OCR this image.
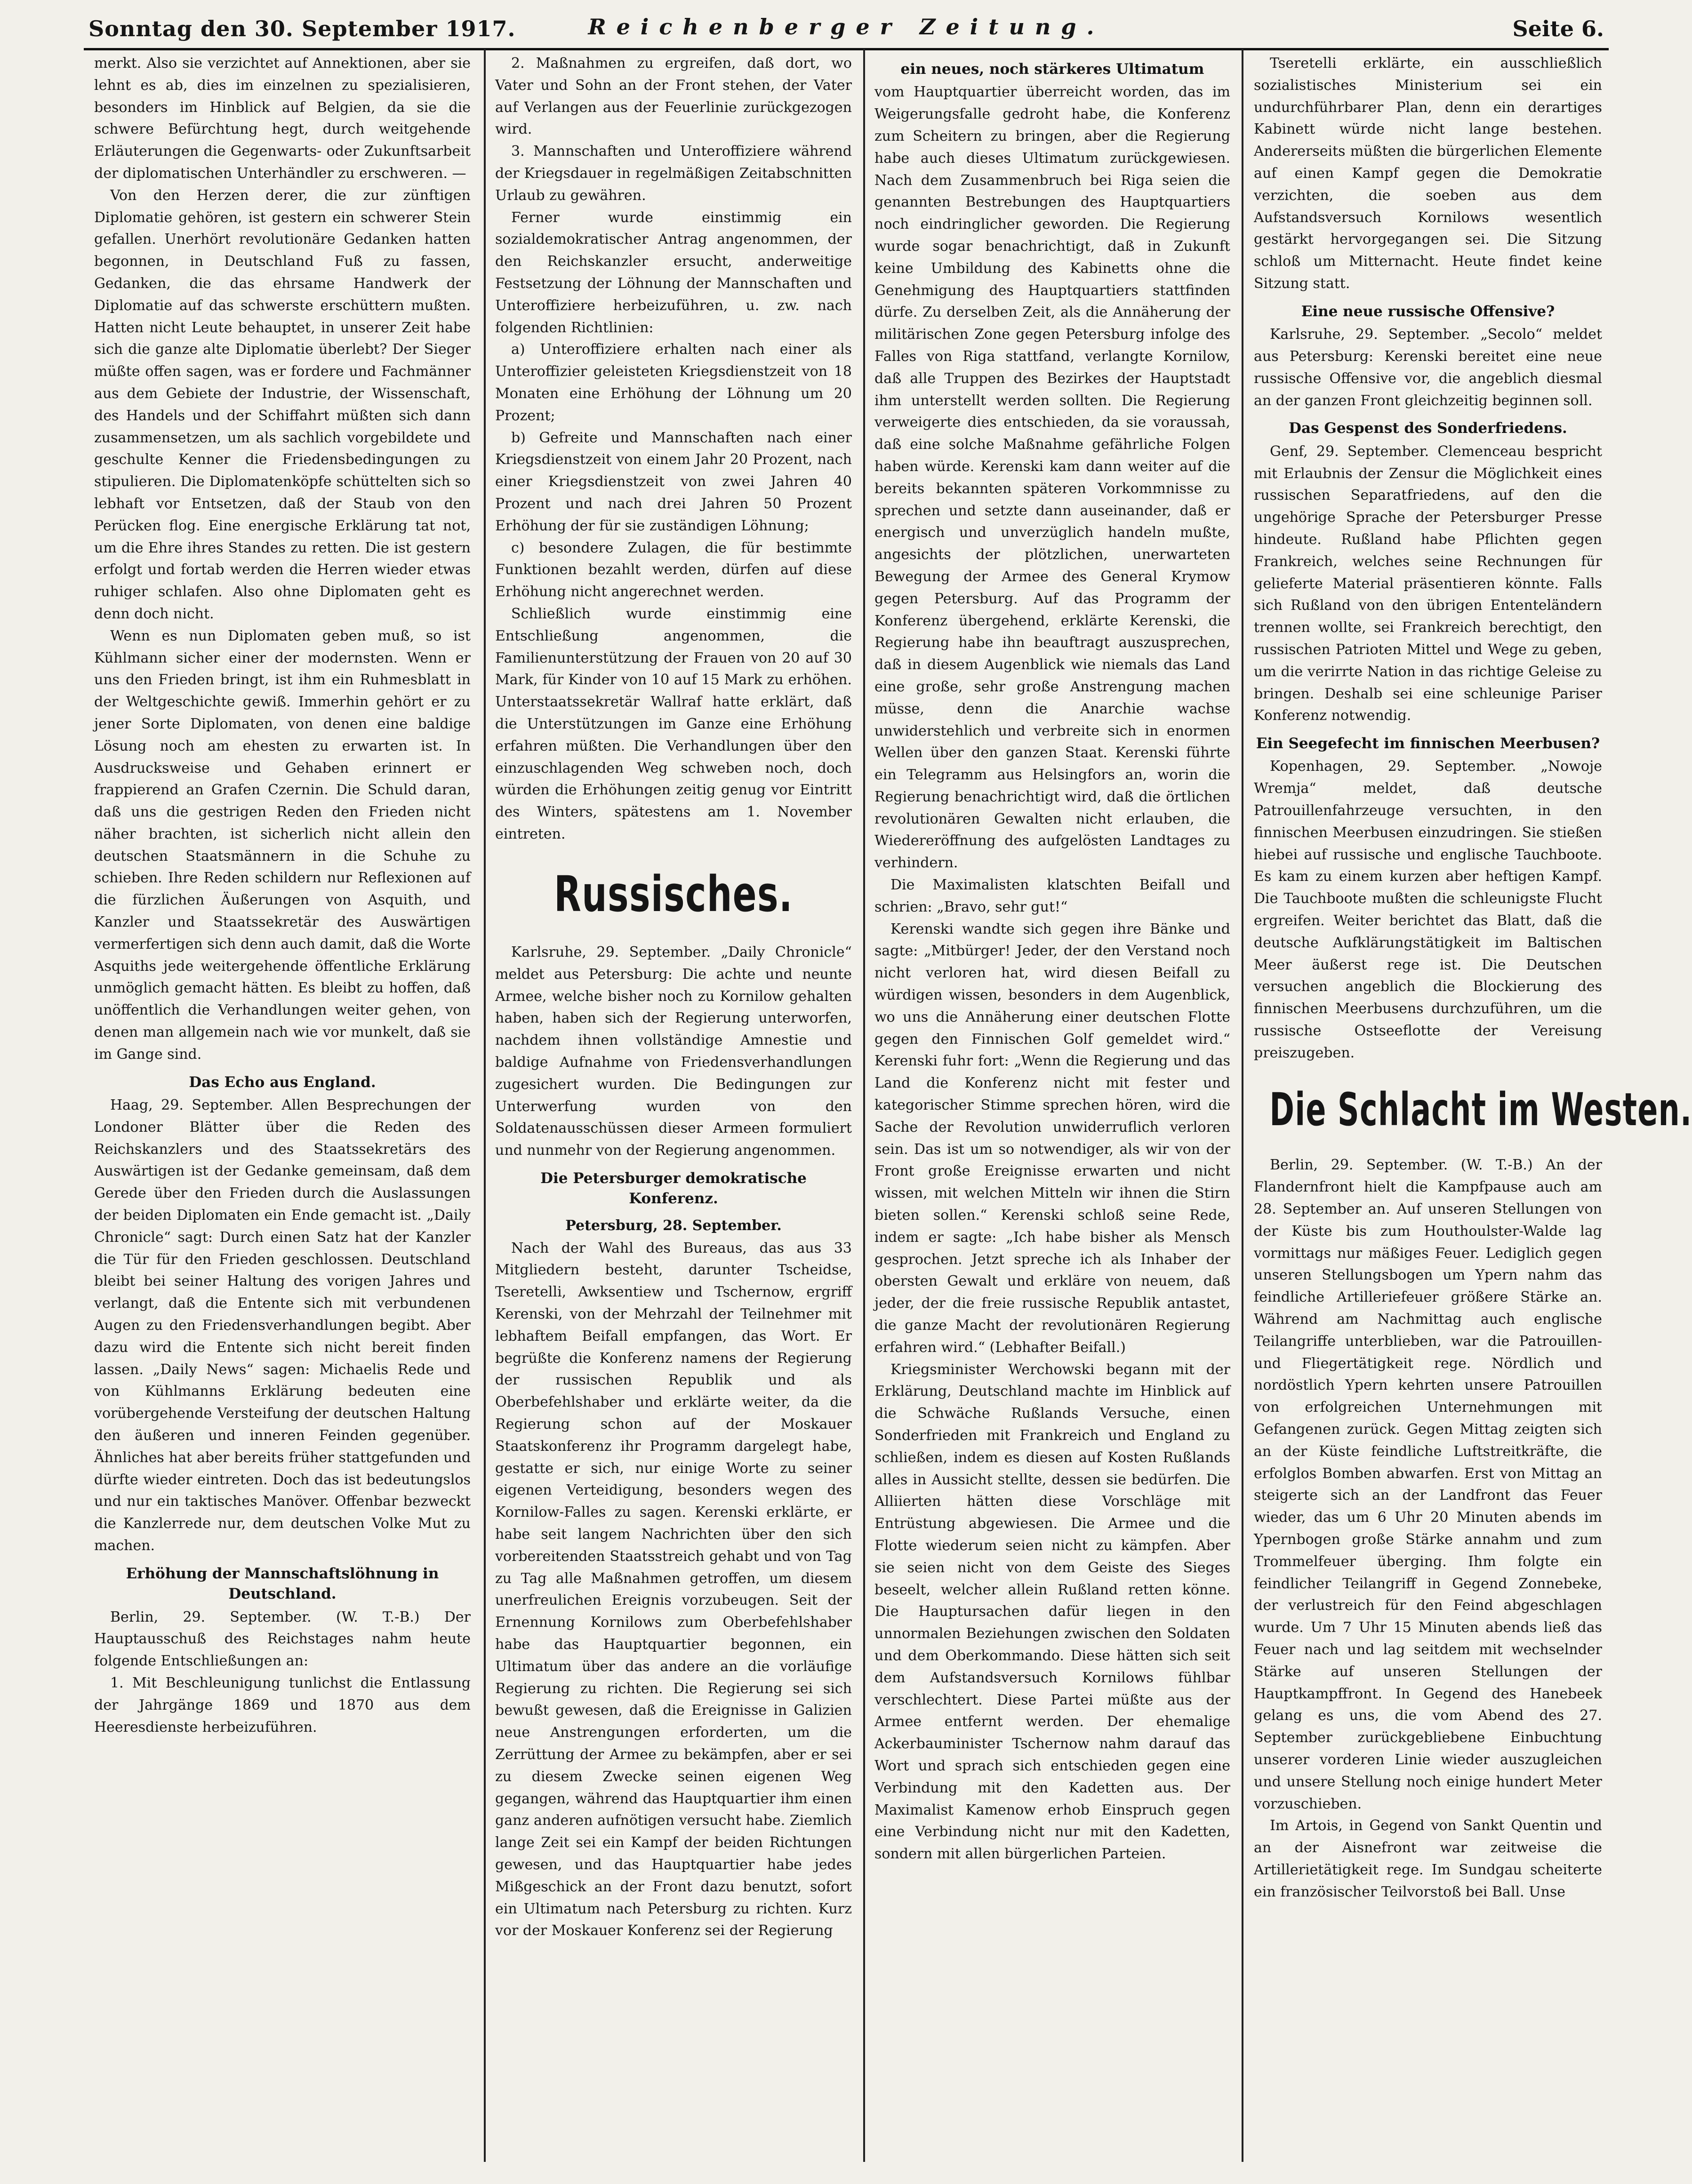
Sonntag den 30. September 1917.	Reichenberger Zeitung.	Seite 6.

merkt. Also sie verzichtet auf Annektionen, aber sie lehnt es ab, dies im einzelnen zu spezialisieren, besonders im Hinblick auf Belgien, da sie die schwere Befürchtung hegt, durch weitgehende Erläuterungen die Gegenwarts- oder Zukunftsarbeit der diplomatischen Unterhändler zu erschweren. —

Von den Herzen derer, die zur zünftigen Diplomatie gehören, ist gestern ein schwerer Stein gefallen. Unerhört revolutionäre Gedanken hatten begonnen, in Deutschland Fuß zu fassen, Gedanken, die das ehrsame Handwerk der Diplomatie auf das schwerste erschüttern mußten. Hatten nicht Leute behauptet, in unserer Zeit habe sich die ganze alte Diplomatie überlebt? Der Sieger müßte offen sagen, was er fordere und Fachmänner aus dem Gebiete der Industrie, der Wissenschaft, des Handels und der Schiffahrt müßten sich dann zusammensetzen, um als sachlich vorgebildete und geschulte Kenner die Friedensbedingungen zu stipulieren. Die Diplomatenköpfe schüttelten sich so lebhaft vor Entsetzen, daß der Staub von den Perücken flog. Eine energische Erklärung tat not, um die Ehre ihres Standes zu retten. Die ist gestern erfolgt und fortab werden die Herren wieder etwas ruhiger schlafen. Also ohne Diplomaten geht es denn doch nicht.

Wenn es nun Diplomaten geben muß, so ist Kühlmann sicher einer der modernsten. Wenn er uns den Frieden bringt, ist ihm ein Ruhmesblatt in der Weltgeschichte gewiß. Immerhin gehört er zu jener Sorte Diplomaten, von denen eine baldige Lösung noch am ehesten zu erwarten ist. In Ausdrucksweise und Gehaben erinnert er frappierend an Grafen Czernin. Die Schuld daran, daß uns die gestrigen Reden den Frieden nicht näher brachten, ist sicherlich nicht allein den deutschen Staatsmännern in die Schuhe zu schieben. Ihre Reden schildern nur Reflexionen auf die fürzlichen Äußerungen von Asquith, und Kanzler und Staatssekretär des Auswärtigen vermerfertigen sich denn auch damit, daß die Worte Asquiths jede weitergehende öffentliche Erklärung unmöglich gemacht hätten. Es bleibt zu hoffen, daß unöffentlich die Verhandlungen weiter gehen, von denen man allgemein nach wie vor munkelt, daß sie im Gange sind.

Das Echo aus England.

Haag, 29. September. Allen Besprechungen der Londoner Blätter über die Reden des Reichskanzlers und des Staatssekretärs des Auswärtigen ist der Gedanke gemeinsam, daß dem Gerede über den Frieden durch die Auslassungen der beiden Diplomaten ein Ende gemacht ist. „Daily Chronicle“ sagt: Durch einen Satz hat der Kanzler die Tür für den Frieden geschlossen. Deutschland bleibt bei seiner Haltung des vorigen Jahres und verlangt, daß die Entente sich mit verbundenen Augen zu den Friedensverhandlungen begibt. Aber dazu wird die Entente sich nicht bereit finden lassen. „Daily News“ sagen: Michaelis Rede und von Kühlmanns Erklärung bedeuten eine vorübergehende Versteifung der deutschen Haltung den äußeren und inneren Feinden gegenüber. Ähnliches hat aber bereits früher stattgefunden und dürfte wieder eintreten. Doch das ist bedeutungslos und nur ein taktisches Manöver. Offenbar bezweckt die Kanzlerrede nur, dem deutschen Volke Mut zu machen.

Erhöhung der Mannschaftslöhnung in Deutschland.

Berlin, 29. September. (W. T.-B.) Der Hauptausschuß des Reichstages nahm heute folgende Entschließungen an:

1. Mit Beschleunigung tunlichst die Entlassung der Jahrgänge 1869 und 1870 aus dem Heeresdienste herbeizuführen.

2. Maßnahmen zu ergreifen, daß dort, wo Vater und Sohn an der Front stehen, der Vater auf Verlangen aus der Feuerlinie zurückgezogen wird.

3. Mannschaften und Unteroffiziere während der Kriegsdauer in regelmäßigen Zeitabschnitten Urlaub zu gewähren.

Ferner wurde einstimmig ein sozialdemokratischer Antrag angenommen, der den Reichskanzler ersucht, anderweitige Festsetzung der Löhnung der Mannschaften und Unteroffiziere herbeizuführen, u. zw. nach folgenden Richtlinien:

a) Unteroffiziere erhalten nach einer als Unteroffizier geleisteten Kriegsdienstzeit von 18 Monaten eine Erhöhung der Löhnung um 20 Prozent;

b) Gefreite und Mannschaften nach einer Kriegsdienstzeit von einem Jahr 20 Prozent, nach einer Kriegsdienstzeit von zwei Jahren 40 Prozent und nach drei Jahren 50 Prozent Erhöhung der für sie zuständigen Löhnung;

c) besondere Zulagen, die für bestimmte Funktionen bezahlt werden, dürfen auf diese Erhöhung nicht angerechnet werden.

Schließlich wurde einstimmig eine Entschließung angenommen, die Familienunterstützung der Frauen von 20 auf 30 Mark, für Kinder von 10 auf 15 Mark zu erhöhen. Unterstaatssekretär Wallraf hatte erklärt, daß die Unterstützungen im Ganze eine Erhöhung erfahren müßten. Die Verhandlungen über den einzuschlagenden Weg schweben noch, doch würden die Erhöhungen zeitig genug vor Eintritt des Winters, spätestens am 1. November eintreten.

Russisches.

Karlsruhe, 29. September. „Daily Chronicle“ meldet aus Petersburg: Die achte und neunte Armee, welche bisher noch zu Kornilow gehalten haben, haben sich der Regierung unterworfen, nachdem ihnen vollständige Amnestie und baldige Aufnahme von Friedensverhandlungen zugesichert wurden. Die Bedingungen zur Unterwerfung wurden von den Soldatenausschüssen dieser Armeen formuliert und nunmehr von der Regierung angenommen.

Die Petersburger demokratische Konferenz.
Petersburg, 28. September.

Nach der Wahl des Bureaus, das aus 33 Mitgliedern besteht, darunter Tscheidse, Tseretelli, Awksentiew und Tschernow, ergriff Kerenski, von der Mehrzahl der Teilnehmer mit lebhaftem Beifall empfangen, das Wort. Er begrüßte die Konferenz namens der Regierung der russischen Republik und als Oberbefehlshaber und erklärte weiter, da die Regierung schon auf der Moskauer Staatskonferenz ihr Programm dargelegt habe, gestatte er sich, nur einige Worte zu seiner eigenen Verteidigung, besonders wegen des Kornilow-Falles zu sagen. Kerenski erklärte, er habe seit langem Nachrichten über den sich vorbereitenden Staatsstreich gehabt und von Tag zu Tag alle Maßnahmen getroffen, um diesem unerfreulichen Ereignis vorzubeugen. Seit der Ernennung Kornilows zum Oberbefehlshaber habe das Hauptquartier begonnen, ein Ultimatum über das andere an die vorläufige Regierung zu richten. Die Regierung sei sich bewußt gewesen, daß die Ereignisse in Galizien neue Anstrengungen erforderten, um die Zerrüttung der Armee zu bekämpfen, aber er sei zu diesem Zwecke seinen eigenen Weg gegangen, während das Hauptquartier ihm einen ganz anderen aufnötigen versucht habe. Ziemlich lange Zeit sei ein Kampf der beiden Richtungen gewesen, und das Hauptquartier habe jedes Mißgeschick an der Front dazu benutzt, sofort ein Ultimatum nach Petersburg zu richten. Kurz vor der Moskauer Konferenz sei der Regierung

ein neues, noch stärkeres Ultimatum

vom Hauptquartier überreicht worden, das im Weigerungsfalle gedroht habe, die Konferenz zum Scheitern zu bringen, aber die Regierung habe auch dieses Ultimatum zurückgewiesen. Nach dem Zusammenbruch bei Riga seien die genannten Bestrebungen des Hauptquartiers noch eindringlicher geworden. Die Regierung wurde sogar benachrichtigt, daß in Zukunft keine Umbildung des Kabinetts ohne die Genehmigung des Hauptquartiers stattfinden dürfe. Zu derselben Zeit, als die Annäherung der militärischen Zone gegen Petersburg infolge des Falles von Riga stattfand, verlangte Kornilow, daß alle Truppen des Bezirkes der Hauptstadt ihm unterstellt werden sollten. Die Regierung verweigerte dies entschieden, da sie voraussah, daß eine solche Maßnahme gefährliche Folgen haben würde. Kerenski kam dann weiter auf die bereits bekannten späteren Vorkommnisse zu sprechen und setzte dann auseinander, daß er energisch und unverzüglich handeln mußte, angesichts der plötzlichen, unerwarteten Bewegung der Armee des General Krymow gegen Petersburg. Auf das Programm der Konferenz übergehend, erklärte Kerenski, die Regierung habe ihn beauftragt auszusprechen, daß in diesem Augenblick wie niemals das Land eine große, sehr große Anstrengung machen müsse, denn die Anarchie wachse unwiderstehlich und verbreite sich in enormen Wellen über den ganzen Staat. Kerenski führte ein Telegramm aus Helsingfors an, worin die Regierung benachrichtigt wird, daß die örtlichen revolutionären Gewalten nicht erlauben, die Wiedereröffnung des aufgelösten Landtages zu verhindern.

Die Maximalisten klatschten Beifall und schrien: „Bravo, sehr gut!“

Kerenski wandte sich gegen ihre Bänke und sagte: „Mitbürger! Jeder, der den Verstand noch nicht verloren hat, wird diesen Beifall zu würdigen wissen, besonders in dem Augenblick, wo uns die Annäherung einer deutschen Flotte gegen den Finnischen Golf gemeldet wird.“ Kerenski fuhr fort: „Wenn die Regierung und das Land die Konferenz nicht mit fester und kategorischer Stimme sprechen hören, wird die Sache der Revolution unwiderruflich verloren sein. Das ist um so notwendiger, als wir von der Front große Ereignisse erwarten und nicht wissen, mit welchen Mitteln wir ihnen die Stirn bieten sollen.“ Kerenski schloß seine Rede, indem er sagte: „Ich habe bisher als Mensch gesprochen. Jetzt spreche ich als Inhaber der obersten Gewalt und erkläre von neuem, daß jeder, der die freie russische Republik antastet, die ganze Macht der revolutionären Regierung erfahren wird.“ (Lebhafter Beifall.)

Kriegsminister Werchowski begann mit der Erklärung, Deutschland machte im Hinblick auf die Schwäche Rußlands Versuche, einen Sonderfrieden mit Frankreich und England zu schließen, indem es diesen auf Kosten Rußlands alles in Aussicht stellte, dessen sie bedürfen. Die Alliierten hätten diese Vorschläge mit Entrüstung abgewiesen. Die Armee und die Flotte wiederum seien nicht zu kämpfen. Aber sie seien nicht von dem Geiste des Sieges beseelt, welcher allein Rußland retten könne. Die Hauptursachen dafür liegen in den unnormalen Beziehungen zwischen den Soldaten und dem Oberkommando. Diese hätten sich seit dem Aufstandsversuch Kornilows fühlbar verschlechtert. Diese Partei müßte aus der Armee entfernt werden. Der ehemalige Ackerbauminister Tschernow nahm darauf das Wort und sprach sich entschieden gegen eine Verbindung mit den Kadetten aus. Der Maximalist Kamenow erhob Einspruch gegen eine Verbindung nicht nur mit den Kadetten, sondern mit allen bürgerlichen Parteien.

Tseretelli erklärte, ein ausschließlich sozialistisches Ministerium sei ein undurchführbarer Plan, denn ein derartiges Kabinett würde nicht lange bestehen. Andererseits müßten die bürgerlichen Elemente auf einen Kampf gegen die Demokratie verzichten, die soeben aus dem Aufstandsversuch Kornilows wesentlich gestärkt hervorgegangen sei. Die Sitzung schloß um Mitternacht. Heute findet keine Sitzung statt.

Eine neue russische Offensive?

Karlsruhe, 29. September. „Secolo“ meldet aus Petersburg: Kerenski bereitet eine neue russische Offensive vor, die angeblich diesmal an der ganzen Front gleichzeitig beginnen soll.

Das Gespenst des Sonderfriedens.

Genf, 29. September. Clemenceau bespricht mit Erlaubnis der Zensur die Möglichkeit eines russischen Separatfriedens, auf den die ungehörige Sprache der Petersburger Presse hindeute. Rußland habe Pflichten gegen Frankreich, welches seine Rechnungen für gelieferte Material präsentieren könnte. Falls sich Rußland von den übrigen Ententeländern trennen wollte, sei Frankreich berechtigt, den russischen Patrioten Mittel und Wege zu geben, um die verirrte Nation in das richtige Geleise zu bringen. Deshalb sei eine schleunige Pariser Konferenz notwendig.

Ein Seegefecht im finnischen Meerbusen?

Kopenhagen, 29. September. „Nowoje Wremja“ meldet, daß deutsche Patrouillenfahrzeuge versuchten, in den finnischen Meerbusen einzudringen. Sie stießen hiebei auf russische und englische Tauchboote. Es kam zu einem kurzen aber heftigen Kampf. Die Tauchboote mußten die schleunigste Flucht ergreifen. Weiter berichtet das Blatt, daß die deutsche Aufklärungstätigkeit im Baltischen Meer äußerst rege ist. Die Deutschen versuchen angeblich die Blockierung des finnischen Meerbusens durchzuführen, um die russische Ostseeflotte der Vereisung preiszugeben.

Die Schlacht im Westen.

Berlin, 29. September. (W. T.-B.) An der Flandernfront hielt die Kampfpause auch am 28. September an. Auf unseren Stellungen von der Küste bis zum Houthoulster-Walde lag vormittags nur mäßiges Feuer. Lediglich gegen unseren Stellungsbogen um Ypern nahm das feindliche Artilleriefeuer größere Stärke an. Während am Nachmittag auch englische Teilangriffe unterblieben, war die Patrouillen- und Fliegertätigkeit rege. Nördlich und nordöstlich Ypern kehrten unsere Patrouillen von erfolgreichen Unternehmungen mit Gefangenen zurück. Gegen Mittag zeigten sich an der Küste feindliche Luftstreitkräfte, die erfolglos Bomben abwarfen. Erst von Mittag an steigerte sich an der Landfront das Feuer wieder, das um 6 Uhr 20 Minuten abends im Ypernbogen große Stärke annahm und zum Trommelfeuer überging. Ihm folgte ein feindlicher Teilangriff in Gegend Zonnebeke, der verlustreich für den Feind abgeschlagen wurde. Um 7 Uhr 15 Minuten abends ließ das Feuer nach und lag seitdem mit wechselnder Stärke auf unseren Stellungen der Hauptkampffront. In Gegend des Hanebeek gelang es uns, die vom Abend des 27. September zurückgebliebene Einbuchtung unserer vorderen Linie wieder auszugleichen und unsere Stellung noch einige hundert Meter vorzuschieben.

Im Artois, in Gegend von Sankt Quentin und an der Aisnefront war zeitweise die Artillerietätigkeit rege. Im Sundgau scheiterte ein französischer Teilvorstoß bei Ball. Unse
